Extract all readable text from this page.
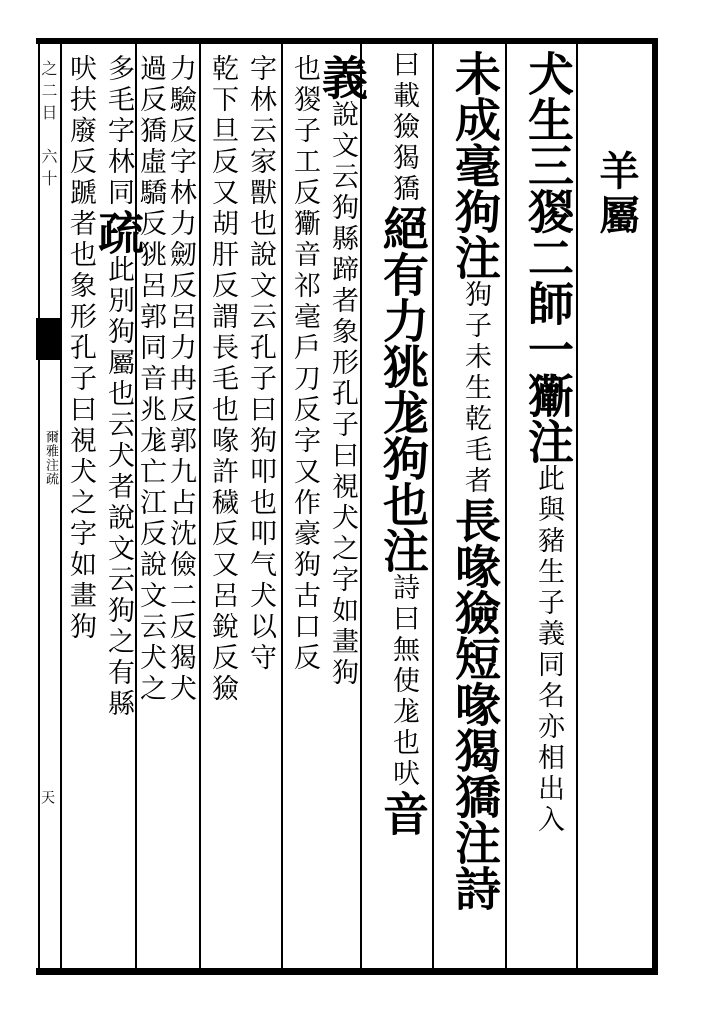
之二日　六十
爾雅注疏
天
羊屬
犬生三猣二師一玂注此與豬生子義同名亦相出入
未成毫狗注狗子未生乾毛者長喙獫短喙猲獢注詩
曰載獫猲獢絕有力狣尨狗也注詩曰無使尨也吠音
義說文云狗縣蹄者象形孔子曰視犬之字如畫狗
也猣子工反玂音祁毫戶刀反字又作豪狗古口反
字林云家獸也說文云孔子曰狗叩也叩气犬以守
乾下旦反又胡肝反謂長毛也喙許穢反又呂銳反獫
力驗反字林力劒反呂力冉反郭九占沈儉二反猲犬
過反獢虛驕反狣呂郭同音兆尨亡江反說文云犬之
多毛字林同疏此別狗屬也云犬者說文云狗之有縣
吠扶廢反蹏者也象形孔子曰視犬之字如畫狗
